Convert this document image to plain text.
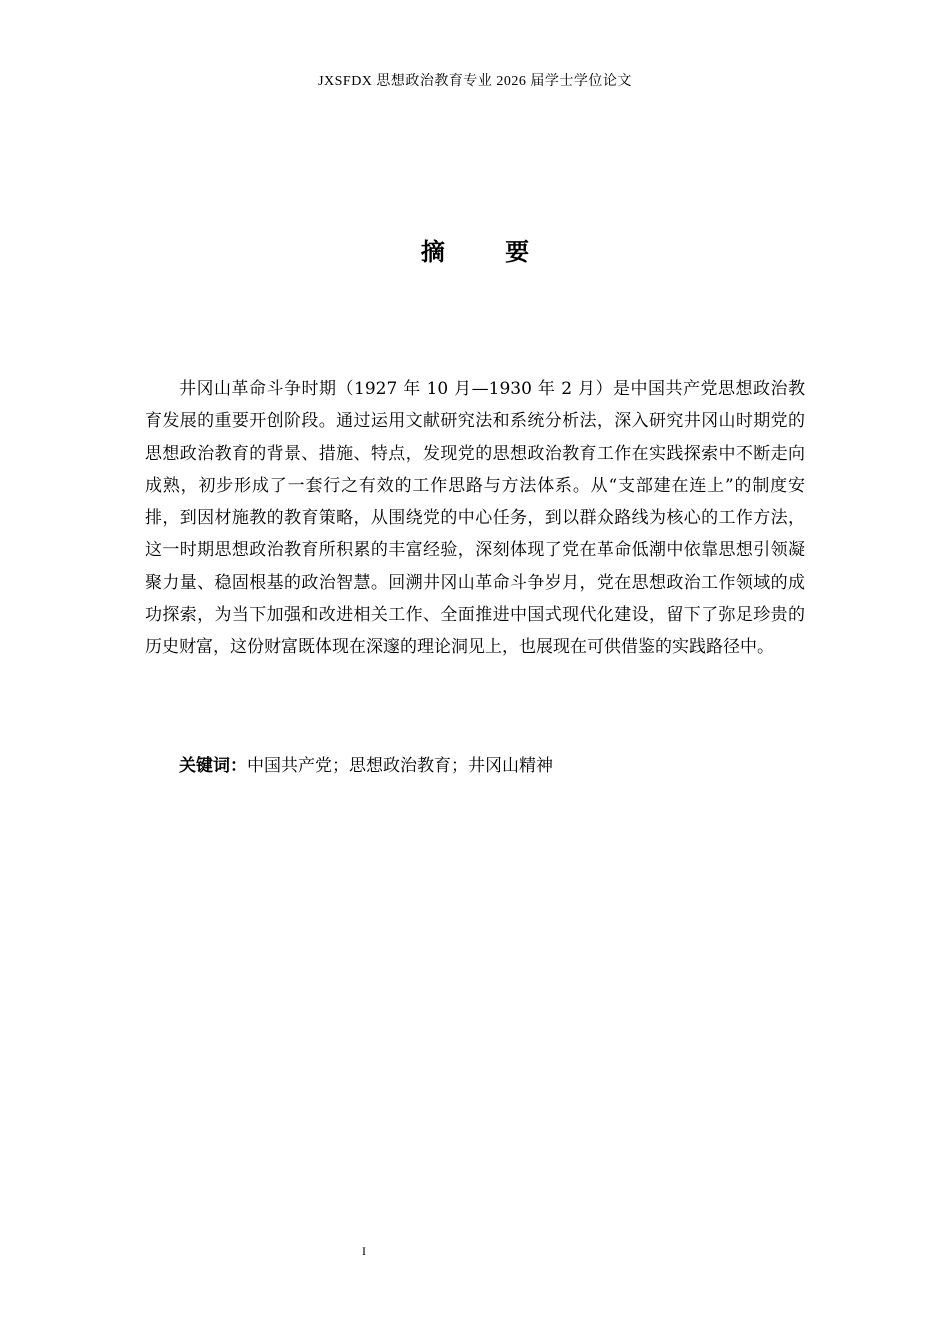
JXSFDX 思想政治教育专业 2026 届学士学位论文
摘 要

井冈山革命斗争时期（1927 年 10 月—1930 年 2 月）是中国共产党思想政治教育发展的重要开创阶段。通过运用文献研究法和系统分析法，深入研究井冈山时期党的思想政治教育的背景、措施、特点，发现党的思想政治教育工作在实践探索中不断走向成熟，初步形成了一套行之有效的工作思路与方法体系。从“支部建在连上”的制度安排，到因材施教的教育策略，从围绕党的中心任务，到以群众路线为核心的工作方法，这一时期思想政治教育所积累的丰富经验，深刻体现了党在革命低潮中依靠思想引领凝聚力量、稳固根基的政治智慧。回溯井冈山革命斗争岁月，党在思想政治工作领域的成功探索，为当下加强和改进相关工作、全面推进中国式现代化建设，留下了弥足珍贵的历史财富，这份财富既体现在深邃的理论洞见上，也展现在可供借鉴的实践路径中。

关键词：中国共产党；思想政治教育；井冈山精神

I
